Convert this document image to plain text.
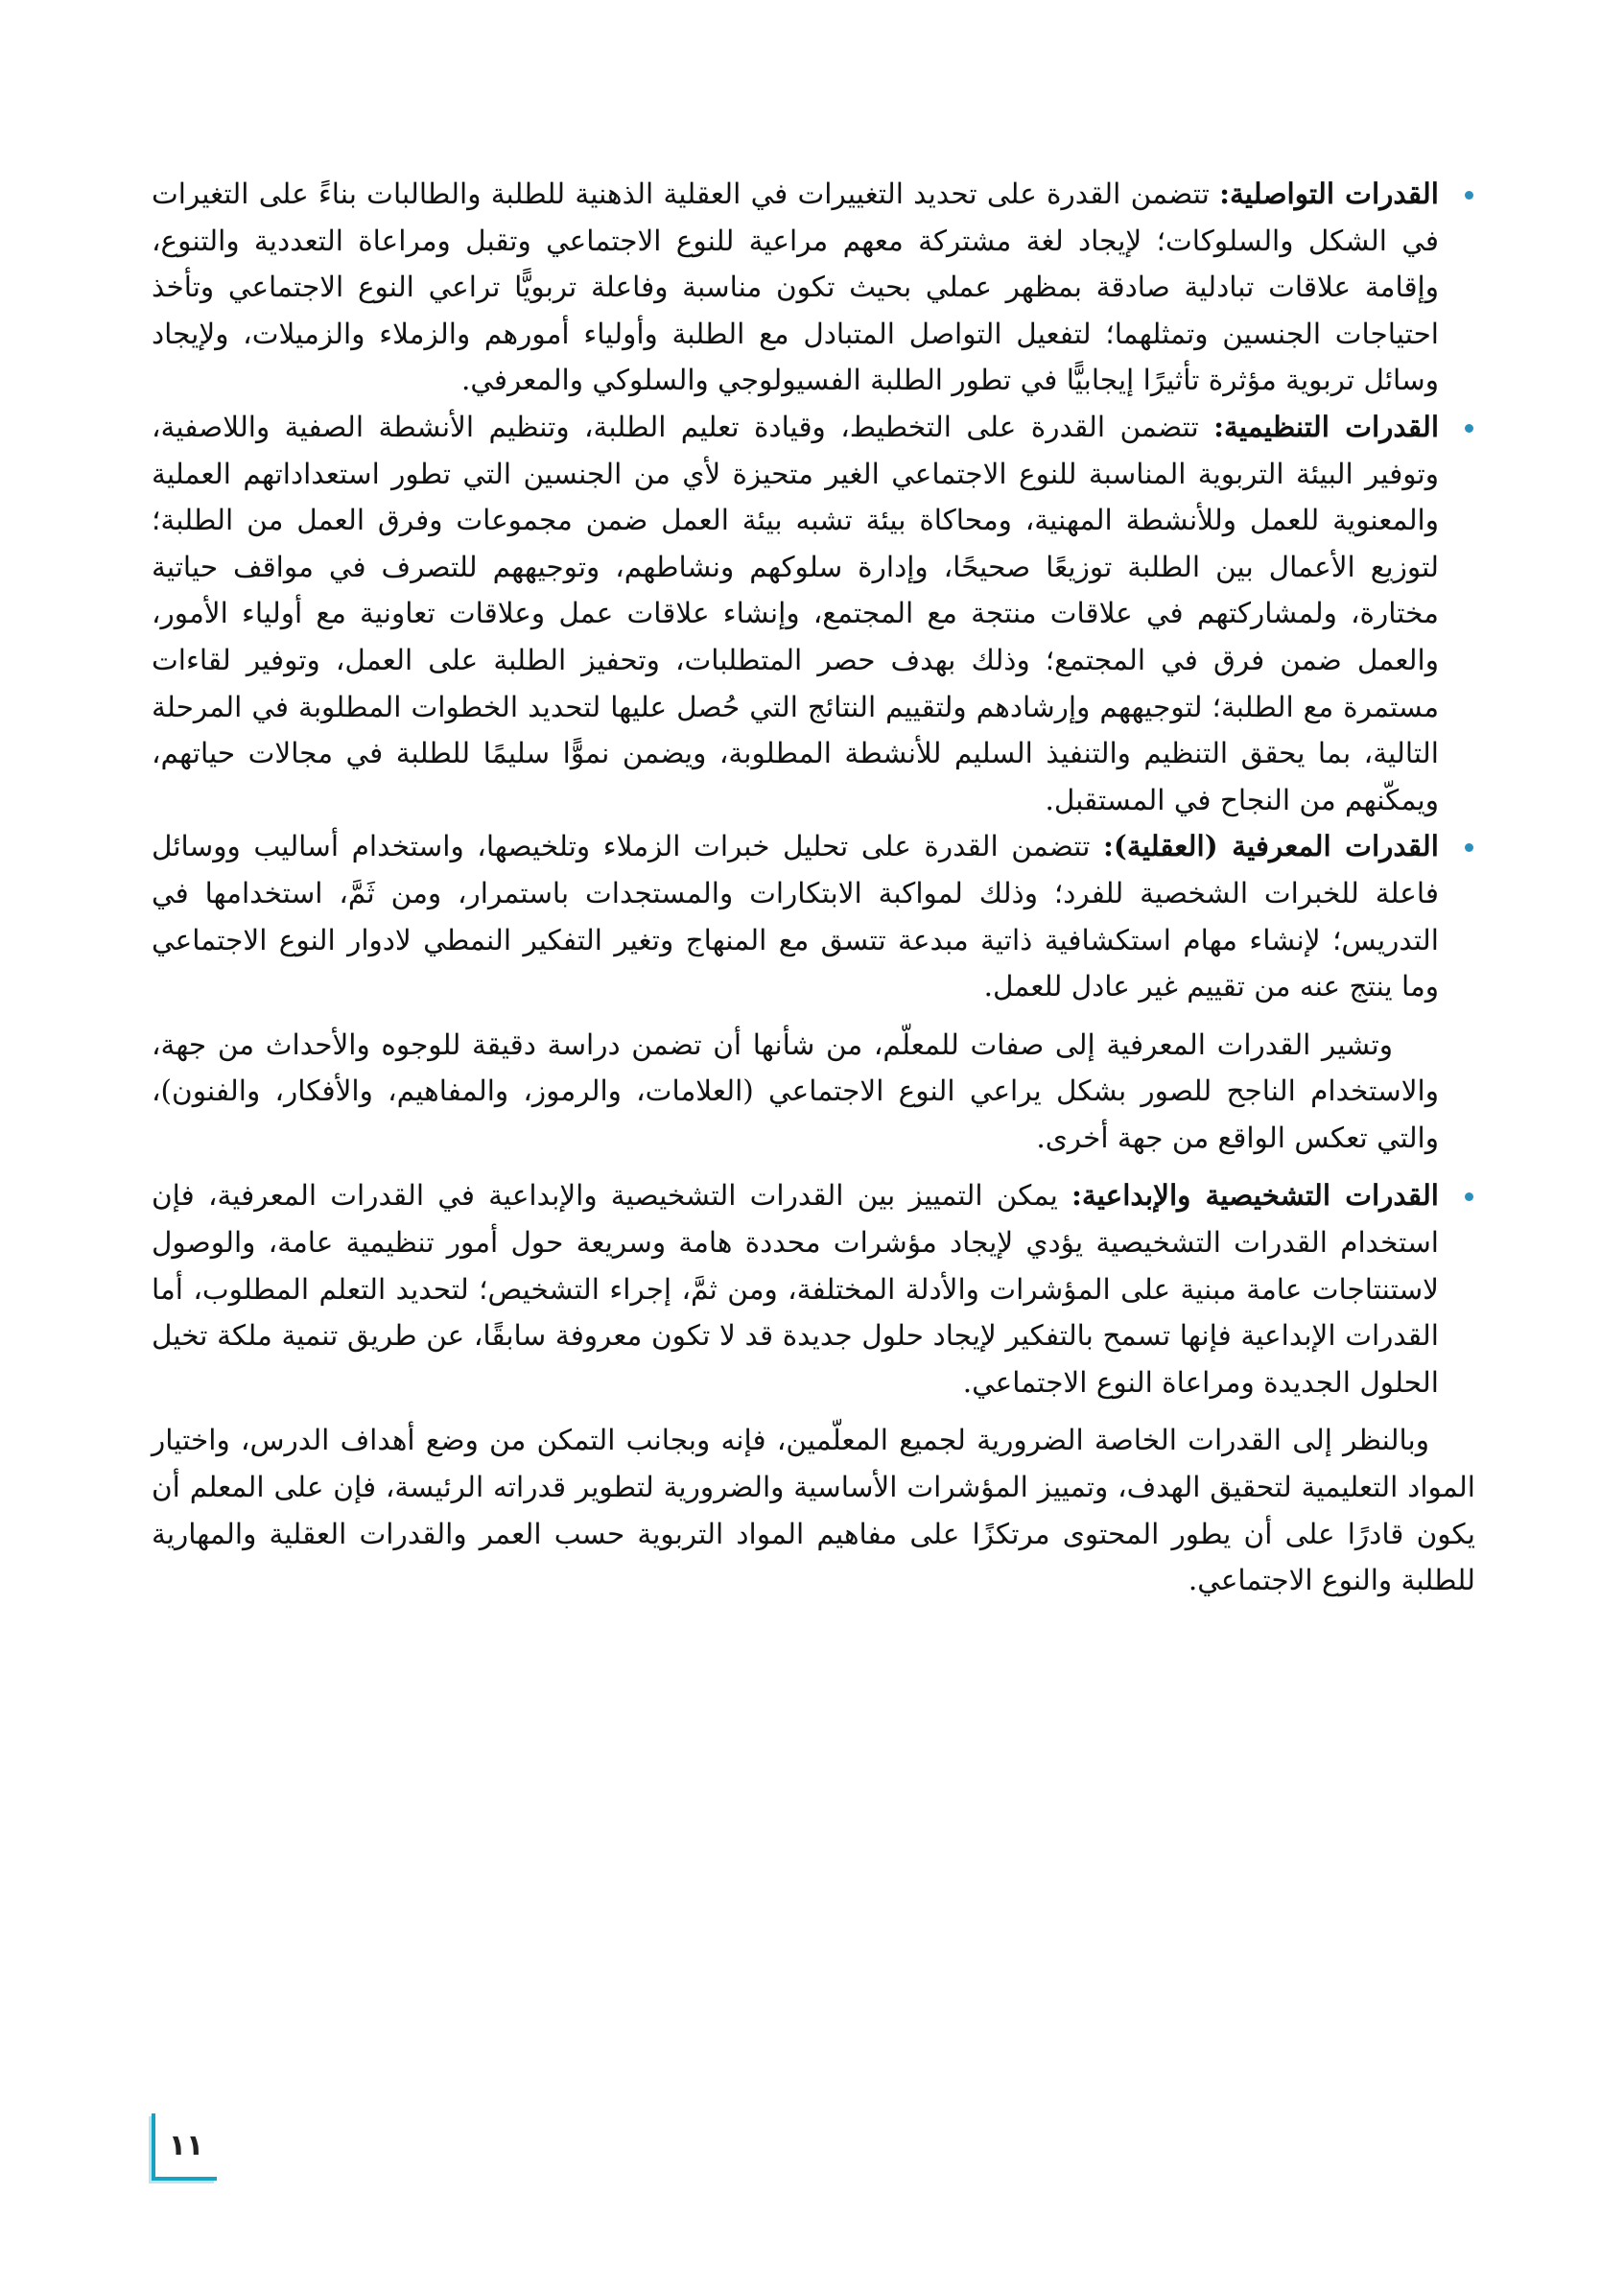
القدرات التواصلية: تتضمن القدرة على تحديد التغييرات في العقلية الذهنية للطلبة والطالبات بناءً على التغيرات في الشكل والسلوكات؛ لإيجاد لغة مشتركة معهم مراعية للنوع الاجتماعي وتقبل ومراعاة التعددية والتنوع، وإقامة علاقات تبادلية صادقة بمظهر عملي بحيث تكون مناسبة وفاعلة تربويًّا تراعي النوع الاجتماعي وتأخذ احتياجات الجنسين وتمثلهما؛ لتفعيل التواصل المتبادل مع الطلبة وأولياء أمورهم والزملاء والزميلات، ولإيجاد وسائل تربوية مؤثرة تأثيرًا إيجابيًّا في تطور الطلبة الفسيولوجي والسلوكي والمعرفي.

القدرات التنظيمية: تتضمن القدرة على التخطيط، وقيادة تعليم الطلبة، وتنظيم الأنشطة الصفية واللاصفية، وتوفير البيئة التربوية المناسبة للنوع الاجتماعي الغير متحيزة لأي من الجنسين التي تطور استعداداتهم العملية والمعنوية للعمل وللأنشطة المهنية، ومحاكاة بيئة تشبه بيئة العمل ضمن مجموعات وفرق العمل من الطلبة؛ لتوزيع الأعمال بين الطلبة توزيعًا صحيحًا، وإدارة سلوكهم ونشاطهم، وتوجيههم للتصرف في مواقف حياتية مختارة، ولمشاركتهم في علاقات منتجة مع المجتمع، وإنشاء علاقات عمل وعلاقات تعاونية مع أولياء الأمور، والعمل ضمن فرق في المجتمع؛ وذلك بهدف حصر المتطلبات، وتحفيز الطلبة على العمل، وتوفير لقاءات مستمرة مع الطلبة؛ لتوجيههم وإرشادهم ولتقييم النتائج التي حُصل عليها لتحديد الخطوات المطلوبة في المرحلة التالية، بما يحقق التنظيم والتنفيذ السليم للأنشطة المطلوبة، ويضمن نموًّا سليمًا للطلبة في مجالات حياتهم، ويمكّنهم من النجاح في المستقبل.

القدرات المعرفية (العقلية): تتضمن القدرة على تحليل خبرات الزملاء وتلخيصها، واستخدام أساليب ووسائل فاعلة للخبرات الشخصية للفرد؛ وذلك لمواكبة الابتكارات والمستجدات باستمرار، ومن ثَمَّ، استخدامها في التدريس؛ لإنشاء مهام استكشافية ذاتية مبدعة تتسق مع المنهاج وتغير التفكير النمطي لادوار النوع الاجتماعي وما ينتج عنه من تقييم غير عادل للعمل.

وتشير القدرات المعرفية إلى صفات للمعلّم، من شأنها أن تضمن دراسة دقيقة للوجوه والأحداث من جهة، والاستخدام الناجح للصور بشكل يراعي النوع الاجتماعي (العلامات، والرموز، والمفاهيم، والأفكار، والفنون)، والتي تعكس الواقع من جهة أخرى.

القدرات التشخيصية والإبداعية: يمكن التمييز بين القدرات التشخيصية والإبداعية في القدرات المعرفية، فإن استخدام القدرات التشخيصية يؤدي لإيجاد مؤشرات محددة هامة وسريعة حول أمور تنظيمية عامة، والوصول لاستنتاجات عامة مبنية على المؤشرات والأدلة المختلفة، ومن ثمَّ، إجراء التشخيص؛ لتحديد التعلم المطلوب، أما القدرات الإبداعية فإنها تسمح بالتفكير لإيجاد حلول جديدة قد لا تكون معروفة سابقًا، عن طريق تنمية ملكة تخيل الحلول الجديدة ومراعاة النوع الاجتماعي.

وبالنظر إلى القدرات الخاصة الضرورية لجميع المعلّمين، فإنه وبجانب التمكن من وضع أهداف الدرس، واختيار المواد التعليمية لتحقيق الهدف، وتمييز المؤشرات الأساسية والضرورية لتطوير قدراته الرئيسة، فإن على المعلم أن يكون قادرًا على أن يطور المحتوى مرتكزًا على مفاهيم المواد التربوية حسب العمر والقدرات العقلية والمهارية للطلبة والنوع الاجتماعي.

١١
